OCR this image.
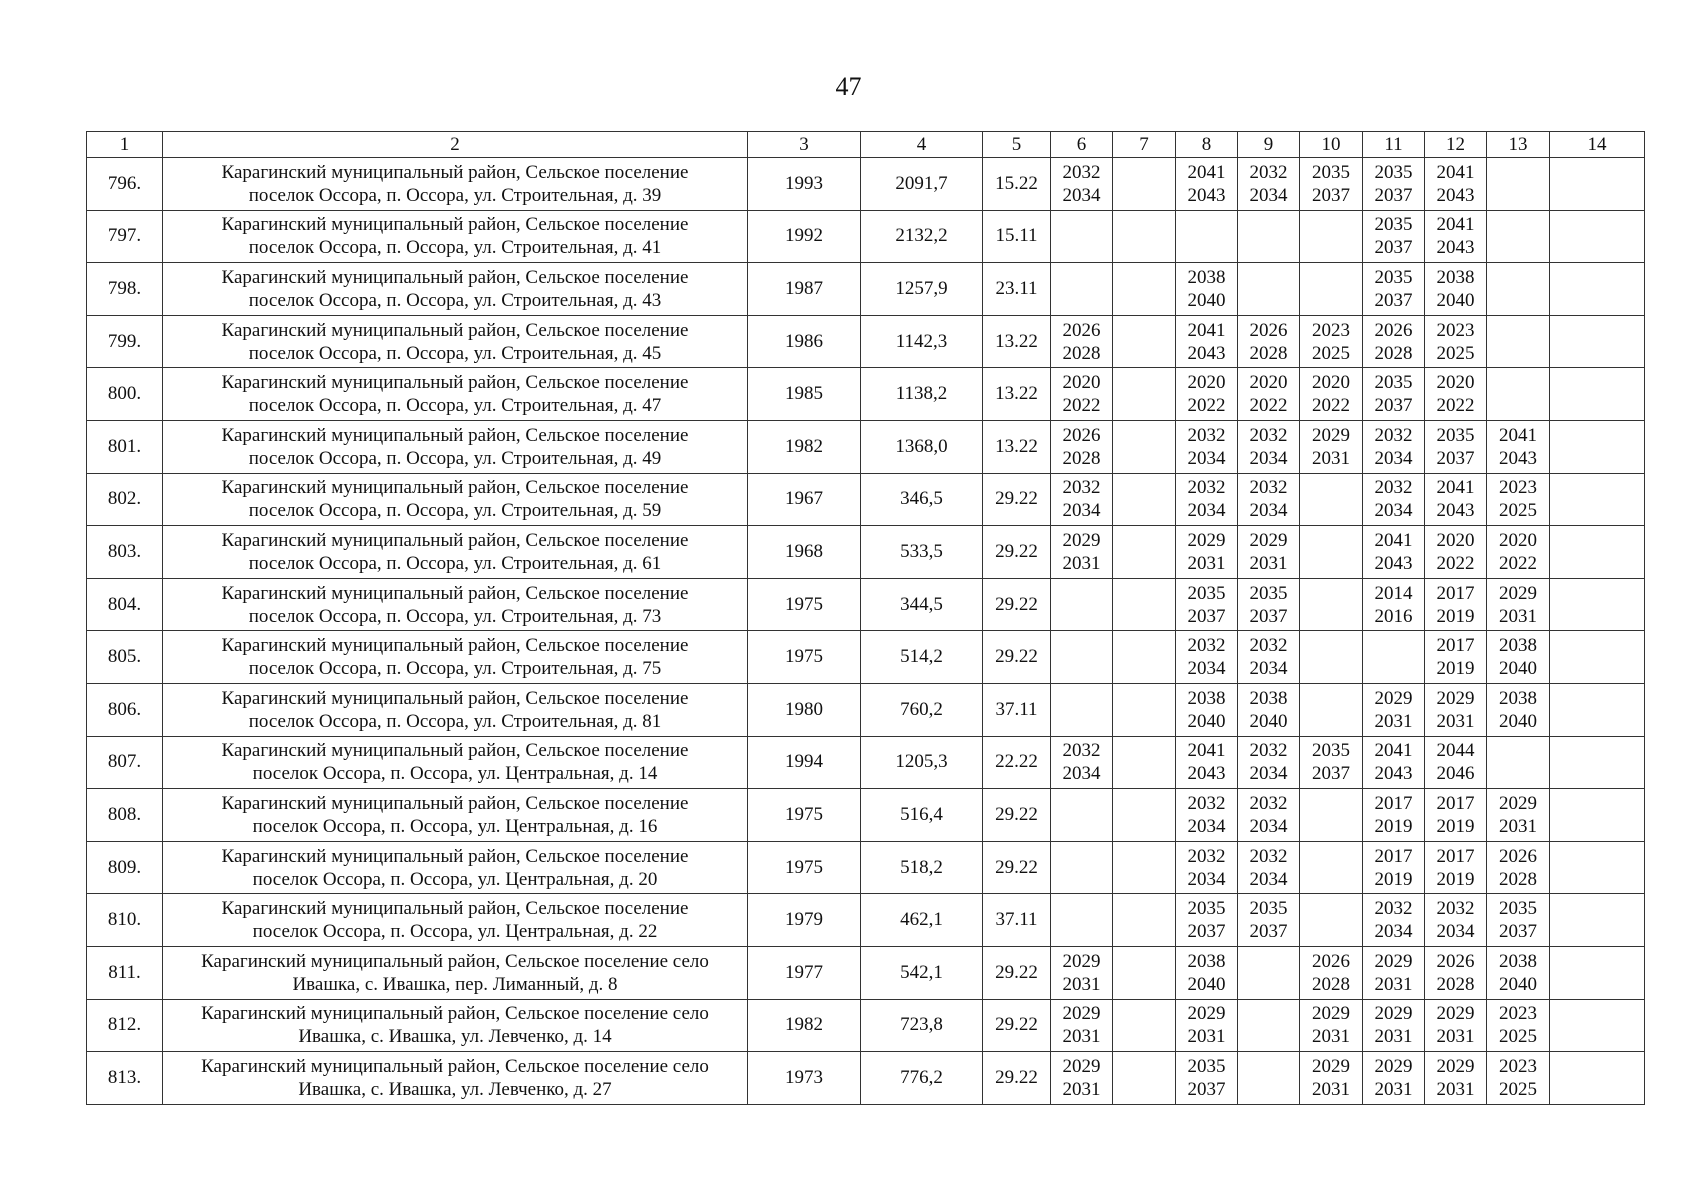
47
1	2	3	4	5	6	7	8	9	10	11	12	13	14
796.	Карагинский муниципальный район, Сельское поселение
поселок Оссора, п. Оссора, ул. Строительная, д. 39	1993	2091,7	15.22	2032
2034		2041
2043	2032
2034	2035
2037	2035
2037	2041
2043		

797.	Карагинский муниципальный район, Сельское поселение
поселок Оссора, п. Оссора, ул. Строительная, д. 41	1992	2132,2	15.11						2035
2037	2041
2043		

798.	Карагинский муниципальный район, Сельское поселение
поселок Оссора, п. Оссора, ул. Строительная, д. 43	1987	1257,9	23.11			2038
2040			2035
2037	2038
2040		

799.	Карагинский муниципальный район, Сельское поселение
поселок Оссора, п. Оссора, ул. Строительная, д. 45	1986	1142,3	13.22	2026
2028		2041
2043	2026
2028	2023
2025	2026
2028	2023
2025		

800.	Карагинский муниципальный район, Сельское поселение
поселок Оссора, п. Оссора, ул. Строительная, д. 47	1985	1138,2	13.22	2020
2022		2020
2022	2020
2022	2020
2022	2035
2037	2020
2022		

801.	Карагинский муниципальный район, Сельское поселение
поселок Оссора, п. Оссора, ул. Строительная, д. 49	1982	1368,0	13.22	2026
2028		2032
2034	2032
2034	2029
2031	2032
2034	2035
2037	2041
2043	

802.	Карагинский муниципальный район, Сельское поселение
поселок Оссора, п. Оссора, ул. Строительная, д. 59	1967	346,5	29.22	2032
2034		2032
2034	2032
2034		2032
2034	2041
2043	2023
2025	

803.	Карагинский муниципальный район, Сельское поселение
поселок Оссора, п. Оссора, ул. Строительная, д. 61	1968	533,5	29.22	2029
2031		2029
2031	2029
2031		2041
2043	2020
2022	2020
2022	

804.	Карагинский муниципальный район, Сельское поселение
поселок Оссора, п. Оссора, ул. Строительная, д. 73	1975	344,5	29.22			2035
2037	2035
2037		2014
2016	2017
2019	2029
2031	

805.	Карагинский муниципальный район, Сельское поселение
поселок Оссора, п. Оссора, ул. Строительная, д. 75	1975	514,2	29.22			2032
2034	2032
2034			2017
2019	2038
2040	

806.	Карагинский муниципальный район, Сельское поселение
поселок Оссора, п. Оссора, ул. Строительная, д. 81	1980	760,2	37.11			2038
2040	2038
2040		2029
2031	2029
2031	2038
2040	

807.	Карагинский муниципальный район, Сельское поселение
поселок Оссора, п. Оссора, ул. Центральная, д. 14	1994	1205,3	22.22	2032
2034		2041
2043	2032
2034	2035
2037	2041
2043	2044
2046		

808.	Карагинский муниципальный район, Сельское поселение
поселок Оссора, п. Оссора, ул. Центральная, д. 16	1975	516,4	29.22			2032
2034	2032
2034		2017
2019	2017
2019	2029
2031	

809.	Карагинский муниципальный район, Сельское поселение
поселок Оссора, п. Оссора, ул. Центральная, д. 20	1975	518,2	29.22			2032
2034	2032
2034		2017
2019	2017
2019	2026
2028	

810.	Карагинский муниципальный район, Сельское поселение
поселок Оссора, п. Оссора, ул. Центральная, д. 22	1979	462,1	37.11			2035
2037	2035
2037		2032
2034	2032
2034	2035
2037	

811.	Карагинский муниципальный район, Сельское поселение село
Ивашка, с. Ивашка, пер. Лиманный, д. 8	1977	542,1	29.22	2029
2031		2038
2040		2026
2028	2029
2031	2026
2028	2038
2040	

812.	Карагинский муниципальный район, Сельское поселение село
Ивашка, с. Ивашка, ул. Левченко, д. 14	1982	723,8	29.22	2029
2031		2029
2031		2029
2031	2029
2031	2029
2031	2023
2025	

813.	Карагинский муниципальный район, Сельское поселение село
Ивашка, с. Ивашка, ул. Левченко, д. 27	1973	776,2	29.22	2029
2031		2035
2037		2029
2031	2029
2031	2029
2031	2023
2025	
